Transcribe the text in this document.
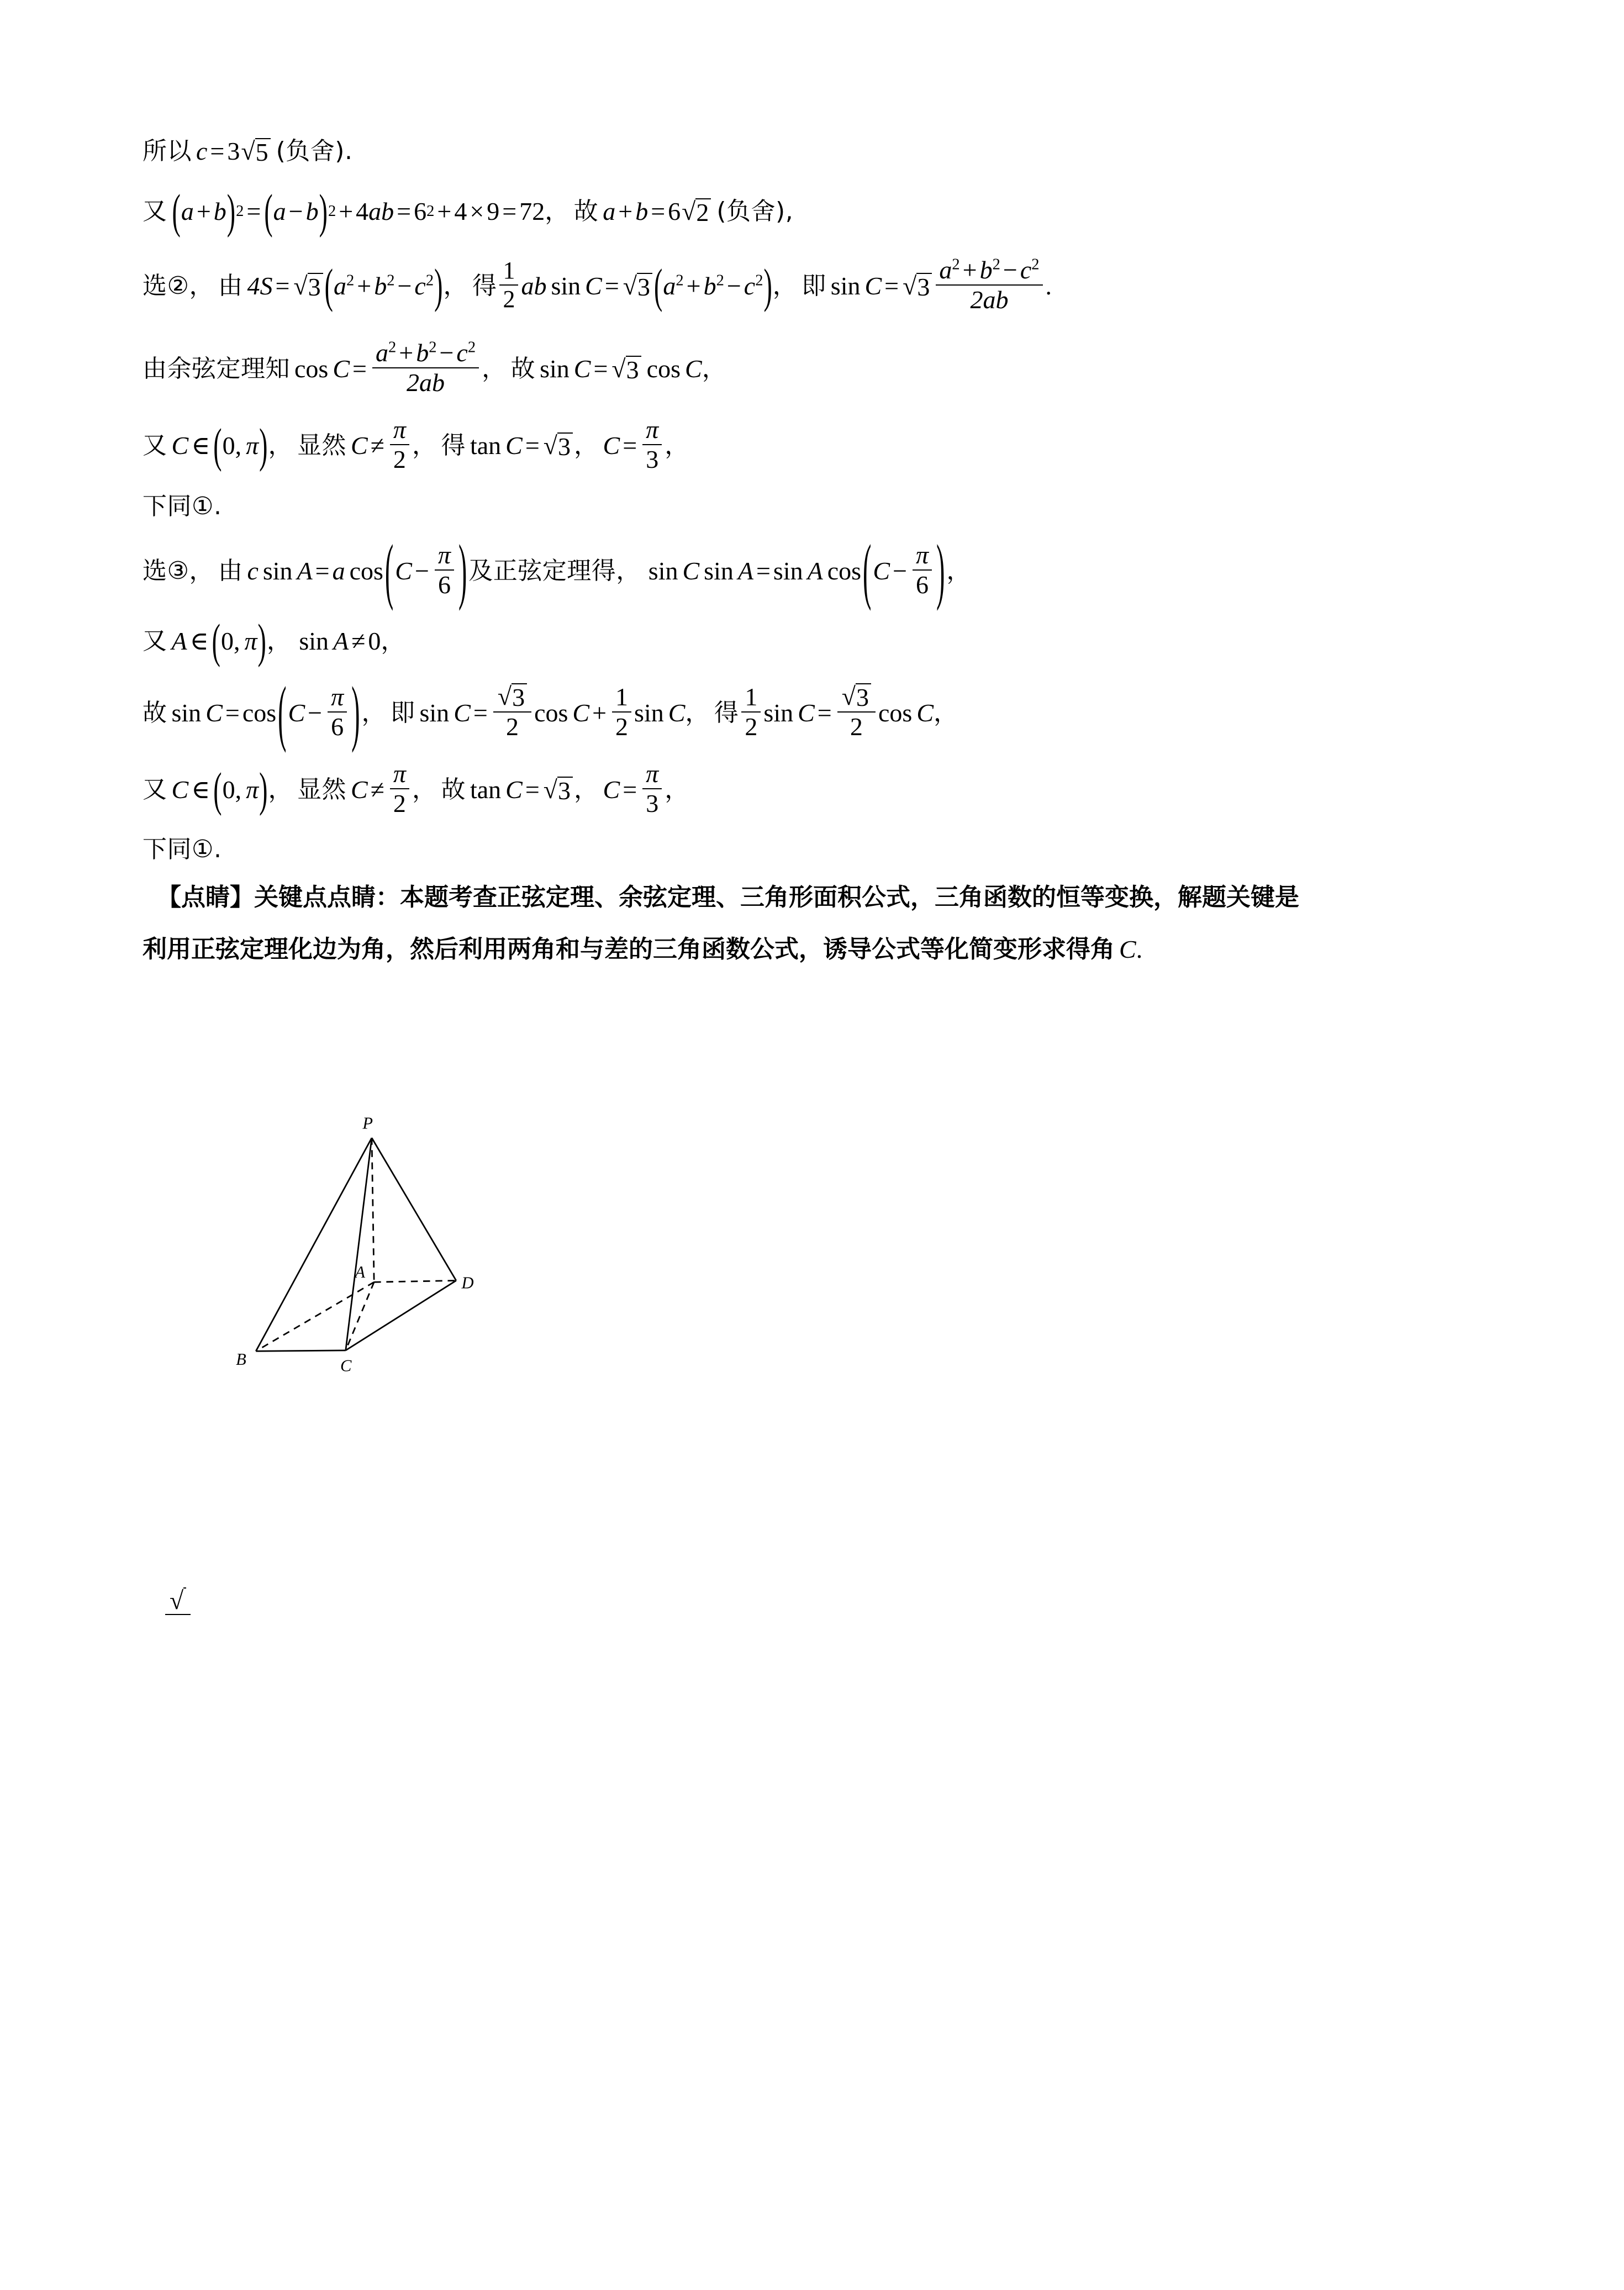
所以 c = 3 √ 5 (负舍).
又 ( a + b ) 2 = ( a − b ) 2 + 4 ab = 6 2 + 4 × 9 = 72 ， 故 a + b = 6 √ 2 (负舍),
选②， 由 4S = √ 3 ( $a^2 + b^2 - c^2$ ) ， 得 $\frac{1}{2}$ ab sin C = √ 3 ( $a^2 + b^2 - c^2$ ) ， 即 sin C = √ $3 \frac{a^2 + b^2 - c^2}{2ab}$ .
由余弦定理知 $\cos C = \frac{a^2 + b^2 - c^2}{2ab}$ ， 故 sin C = √ 3 cos C ，
又 C ∈ ( 0 , π ) ， 显然 $C \ne \frac{\pi}{2}$ ， 得 tan C = √ 3 ， $C = \frac{\pi}{3}$ ，
下同①.
选③， 由 c sin A = a cos ( $C - \frac{\pi}{6}$ ) 及正弦定理得， sin C sin A = sin A cos ( $C - \frac{\pi}{6}$ ) ，
又 A ∈ ( 0 , π ) ， sin A ≠ 0 ，
故 sin C = cos ( $C - \frac{\pi}{6}$ ) ， 即 $\sin C = \frac{√ 3}{2}$ $\cos C + \frac{1}{2}$ sin C ， 得 $\frac{1}{2}$ $\sin C = \frac{√ 3}{2}$ cos C ，
又 C ∈ ( 0 , π ) ， 显然 $C \ne \frac{\pi}{2}$ ， 故 tan C = √ 3 ， $C = \frac{\pi}{3}$ ，
下同①.
【点睛】 关键点点睛：本题考查正弦定理、余弦定理、三角形面积公式，三角函数的恒等变换，解题关键是
利用正弦定理化边为角，然后利用两角和与差的三角函数公式，诱导公式等化简变形求得角 C .
P
A
B	C
D
√
